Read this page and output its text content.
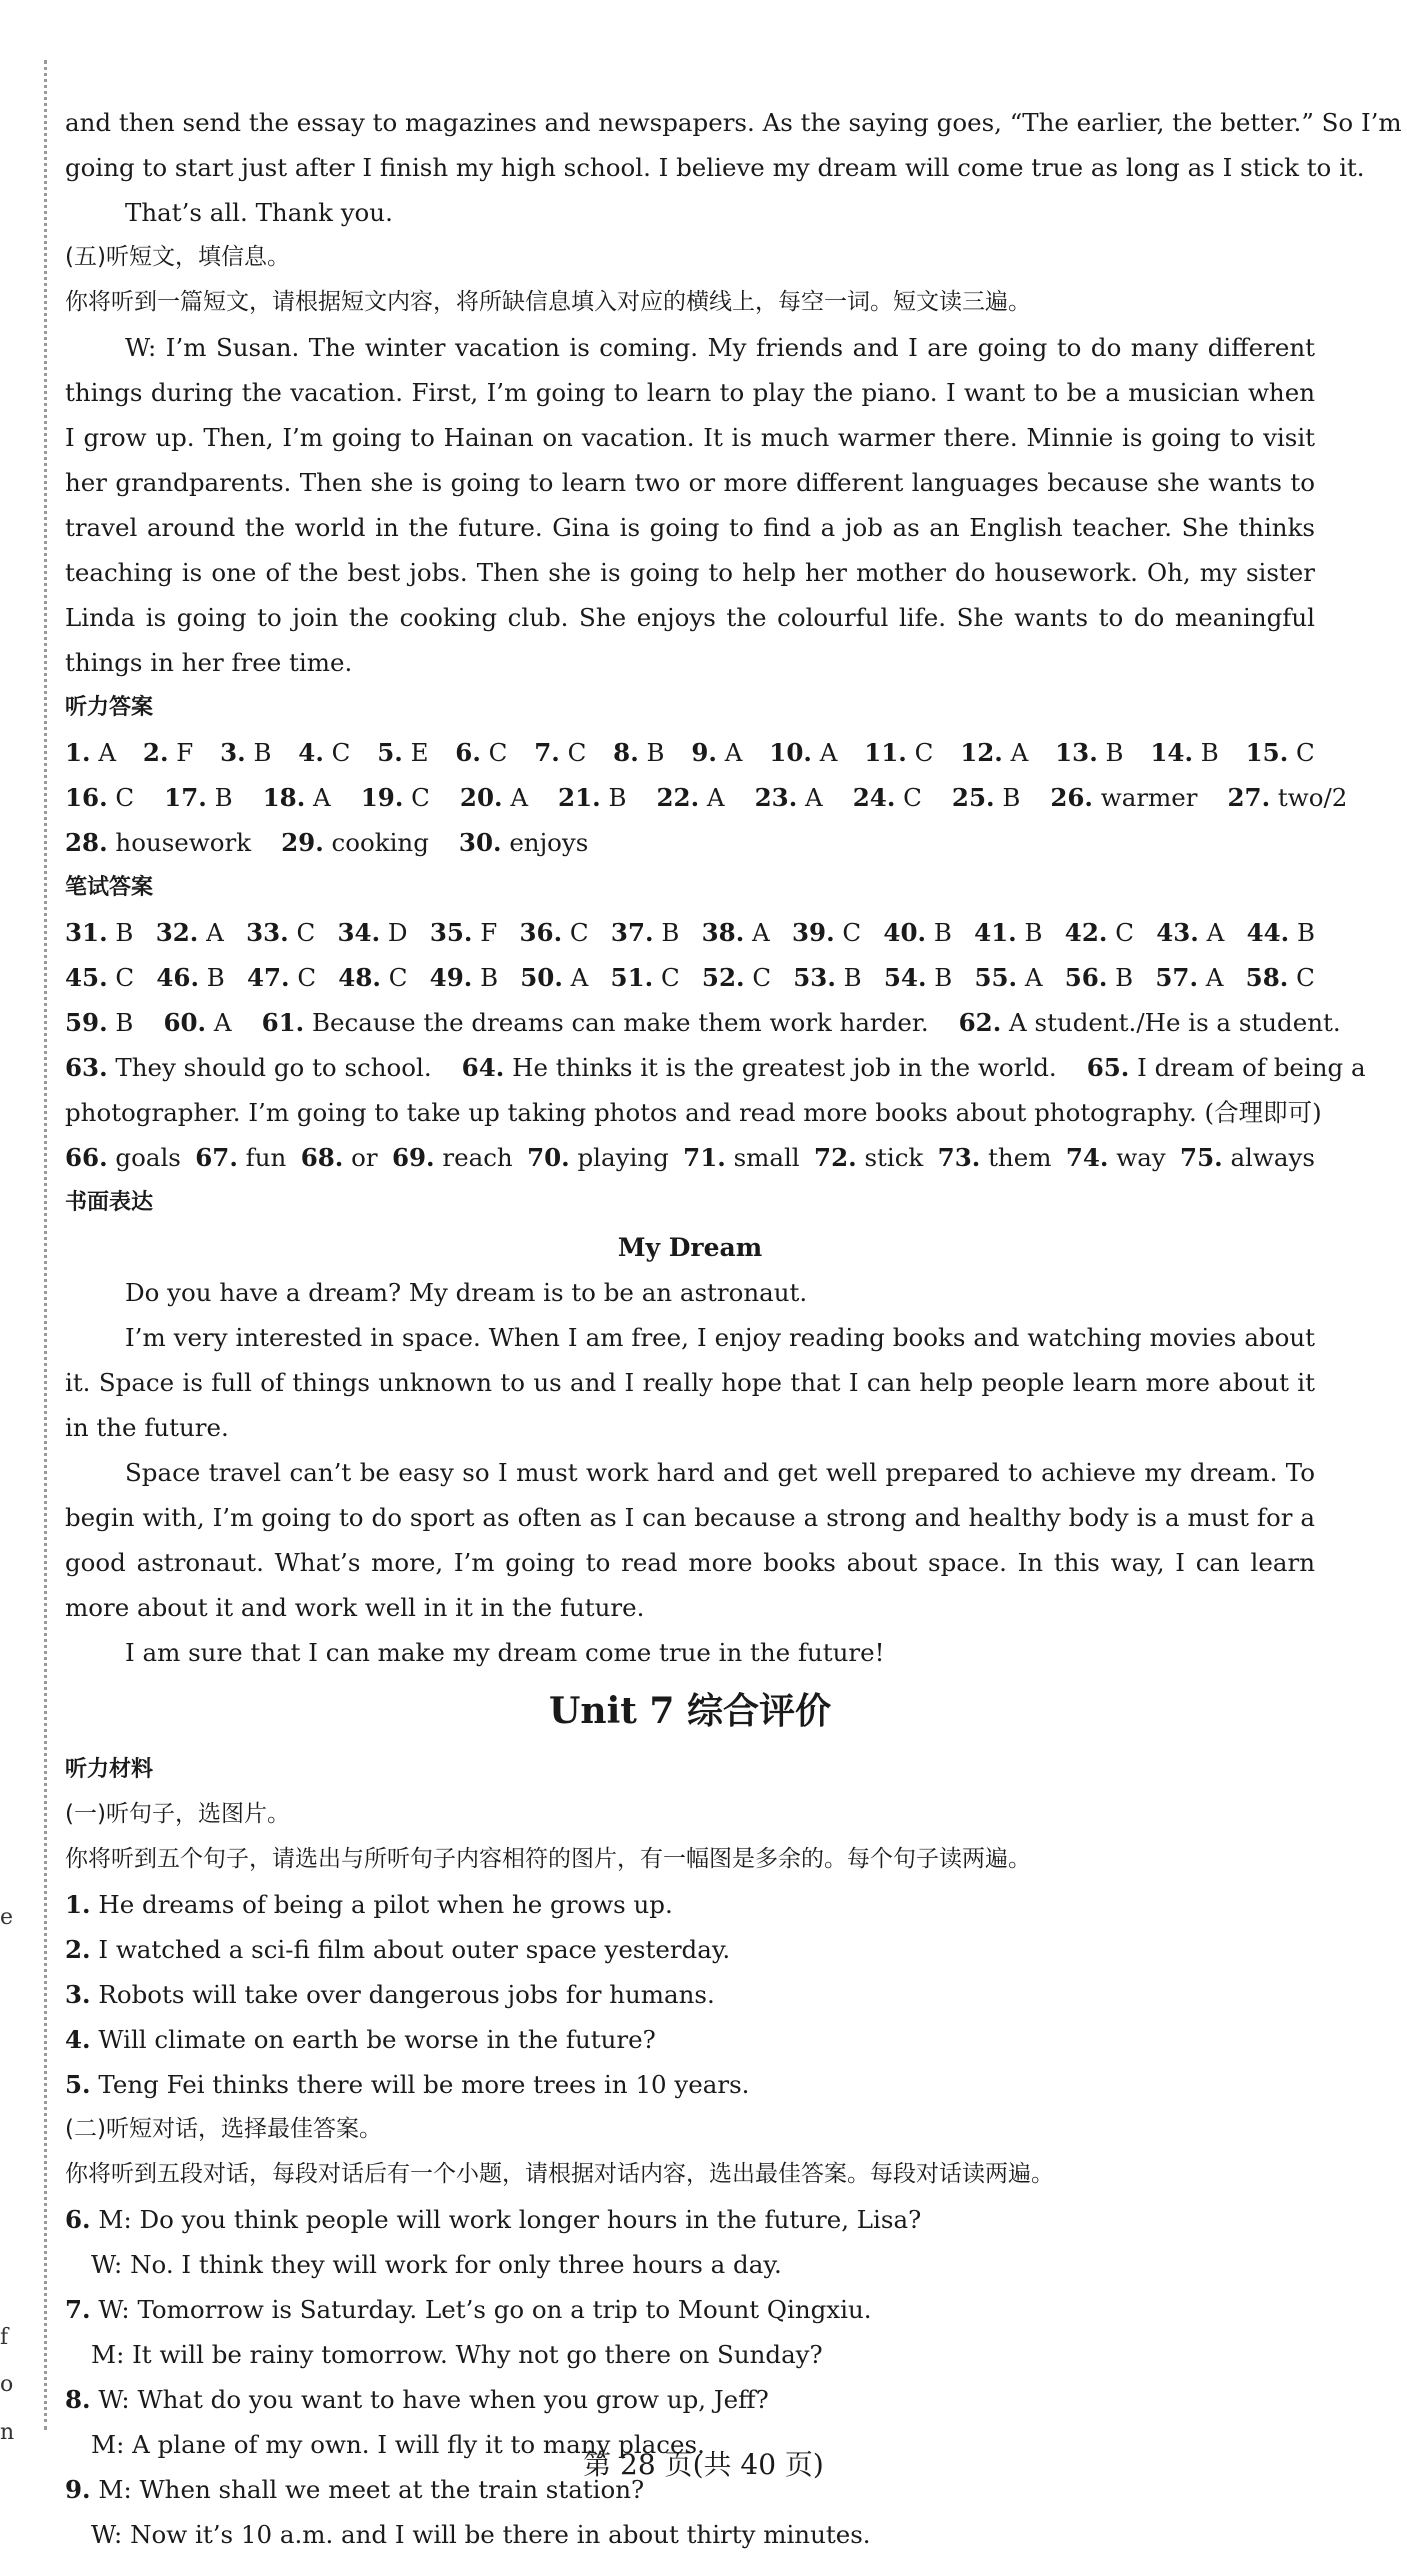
e
f
o
n
and then send the essay to magazines and newspapers. As the saying goes, “The earlier, the better.” So I’m
going to start just after I finish my high school. I believe my dream will come true as long as I stick to it.
That’s all. Thank you.
(五)听短文，填信息。
你将听到一篇短文，请根据短文内容，将所缺信息填入对应的横线上，每空一词。短文读三遍。

W: I’m Susan. The winter vacation is coming. My friends and I are going to do many different things during the vacation. First, I’m going to learn to play the piano. I want to be a musician when I grow up. Then, I’m going to Hainan on vacation. It is much warmer there. Minnie is going to visit her grandparents. Then she is going to learn two or more different languages because she wants to travel around the world in the future. Gina is going to find a job as an English teacher. She thinks teaching is one of the best jobs. Then she is going to help her mother do housework. Oh, my sister Linda is going to join the cooking club. She enjoys the colourful life. She wants to do meaningful things in her free time.

听力答案
1. A 2. F 3. B 4. C 5. E 6. C 7. C 8. B 9. A 10. A 11. C 12. A 13. B 14. B 15. C
16. C 17. B 18. A 19. C 20. A 21. B 22. A 23. A 24. C 25. B 26. warmer 27. two/2
28. housework 29. cooking 30. enjoys
笔试答案
31. B 32. A 33. C 34. D 35. F 36. C 37. B 38. A 39. C 40. B 41. B 42. C 43. A 44. B
45. C 46. B 47. C 48. C 49. B 50. A 51. C 52. C 53. B 54. B 55. A 56. B 57. A 58. C
59. B 60. A 61. Because the dreams can make them work harder. 62. A student./He is a student.
63. They should go to school. 64. He thinks it is the greatest job in the world. 65. I dream of being a
photographer. I’m going to take up taking photos and read more books about photography. (合理即可)
66. goals 67. fun 68. or 69. reach 70. playing 71. small 72. stick 73. them 74. way 75. always
书面表达
My Dream

Do you have a dream? My dream is to be an astronaut.

I’m very interested in space. When I am free, I enjoy reading books and watching movies about it. Space is full of things unknown to us and I really hope that I can help people learn more about it in the future.

Space travel can’t be easy so I must work hard and get well prepared to achieve my dream. To begin with, I’m going to do sport as often as I can because a strong and healthy body is a must for a good astronaut. What’s more, I’m going to read more books about space. In this way, I can learn more about it and work well in it in the future.

I am sure that I can make my dream come true in the future!

Unit 7 综合评价
听力材料
(一)听句子，选图片。
你将听到五个句子，请选出与所听句子内容相符的图片，有一幅图是多余的。每个句子读两遍。
1. He dreams of being a pilot when he grows up.
2. I watched a sci-fi film about outer space yesterday.
3. Robots will take over dangerous jobs for humans.
4. Will climate on earth be worse in the future?
5. Teng Fei thinks there will be more trees in 10 years.
(二)听短对话，选择最佳答案。
你将听到五段对话，每段对话后有一个小题，请根据对话内容，选出最佳答案。每段对话读两遍。
6. M: Do you think people will work longer hours in the future, Lisa?
W: No. I think they will work for only three hours a day.
7. W: Tomorrow is Saturday. Let’s go on a trip to Mount Qingxiu.
M: It will be rainy tomorrow. Why not go there on Sunday?
8. W: What do you want to have when you grow up, Jeff?
M: A plane of my own. I will fly it to many places.
9. M: When shall we meet at the train station?
W: Now it’s 10 a.m. and I will be there in about thirty minutes.
第 28 页(共 40 页)
